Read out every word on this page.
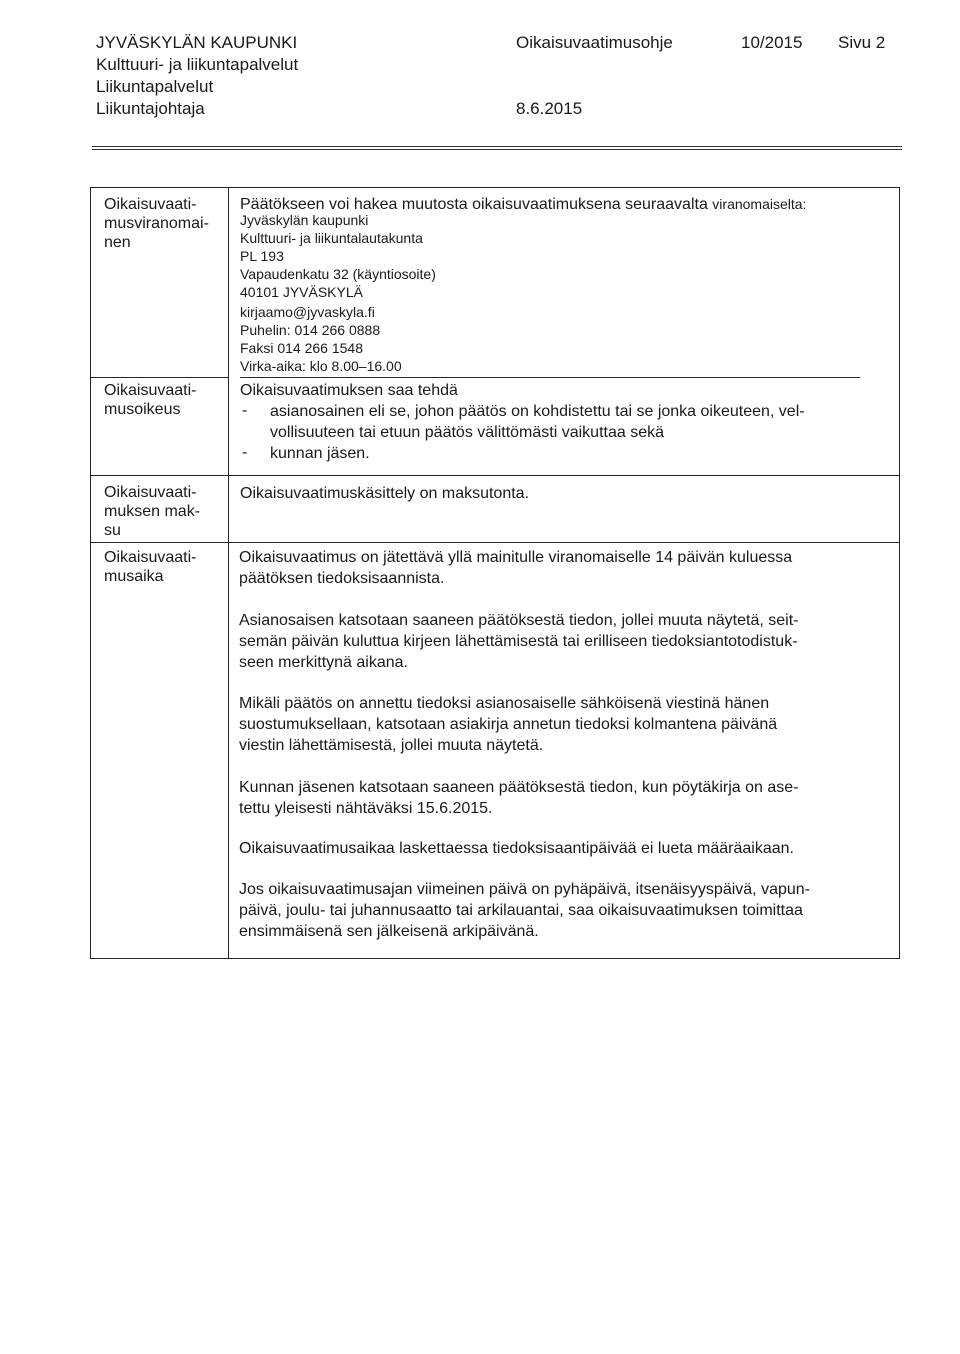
JYVÄSKYLÄN KAUPUNKI
Kulttuuri- ja liikuntapalvelut
Liikuntapalvelut
Liikuntajohtaja
Oikaisuvaatimusohje	10/2015 Sivu 2
8.6.2015
Oikaisuvaati-
musviranomai-
nen
Päätökseen voi hakea muutosta oikaisuvaatimuksena seuraavalta viranomaiselta:
Jyväskylän kaupunki
Kulttuuri- ja liikuntalautakunta
PL 193
Vapaudenkatu 32 (käyntiosoite)
40101 JYVÄSKYLÄ
kirjaamo@jyvaskyla.fi
Puhelin: 014 266 0888
Faksi 014 266 1548
Virka-aika: klo 8.00–16.00
Oikaisuvaati-
musoikeus
Oikaisuvaatimuksen saa tehdä
- asianosainen eli se, johon päätös on kohdistettu tai se jonka oikeuteen, vel-
vollisuuteen tai etuun päätös välittömästi vaikuttaa sekä
- kunnan jäsen.
Oikaisuvaati-
muksen mak-
su
Oikaisuvaatimuskäsittely on maksutonta.
Oikaisuvaati-
musaika
Oikaisuvaatimus on jätettävä yllä mainitulle viranomaiselle 14 päivän kuluessa
päätöksen tiedoksisaannista.
Asianosaisen katsotaan saaneen päätöksestä tiedon, jollei muuta näytetä, seit-
semän päivän kuluttua kirjeen lähettämisestä tai erilliseen tiedoksiantotodistuk-
seen merkittynä aikana.
Mikäli päätös on annettu tiedoksi asianosaiselle sähköisenä viestinä hänen
suostumuksellaan, katsotaan asiakirja annetun tiedoksi kolmantena päivänä
viestin lähettämisestä, jollei muuta näytetä.
Kunnan jäsenen katsotaan saaneen päätöksestä tiedon, kun pöytäkirja on ase-
tettu yleisesti nähtäväksi 15.6.2015.
Oikaisuvaatimusaikaa laskettaessa tiedoksisaantipäivää ei lueta määräaikaan.
Jos oikaisuvaatimusajan viimeinen päivä on pyhäpäivä, itsenäisyyspäivä, vapun-
päivä, joulu- tai juhannusaatto tai arkilauantai, saa oikaisuvaatimuksen toimittaa
ensimmäisenä sen jälkeisenä arkipäivänä.
